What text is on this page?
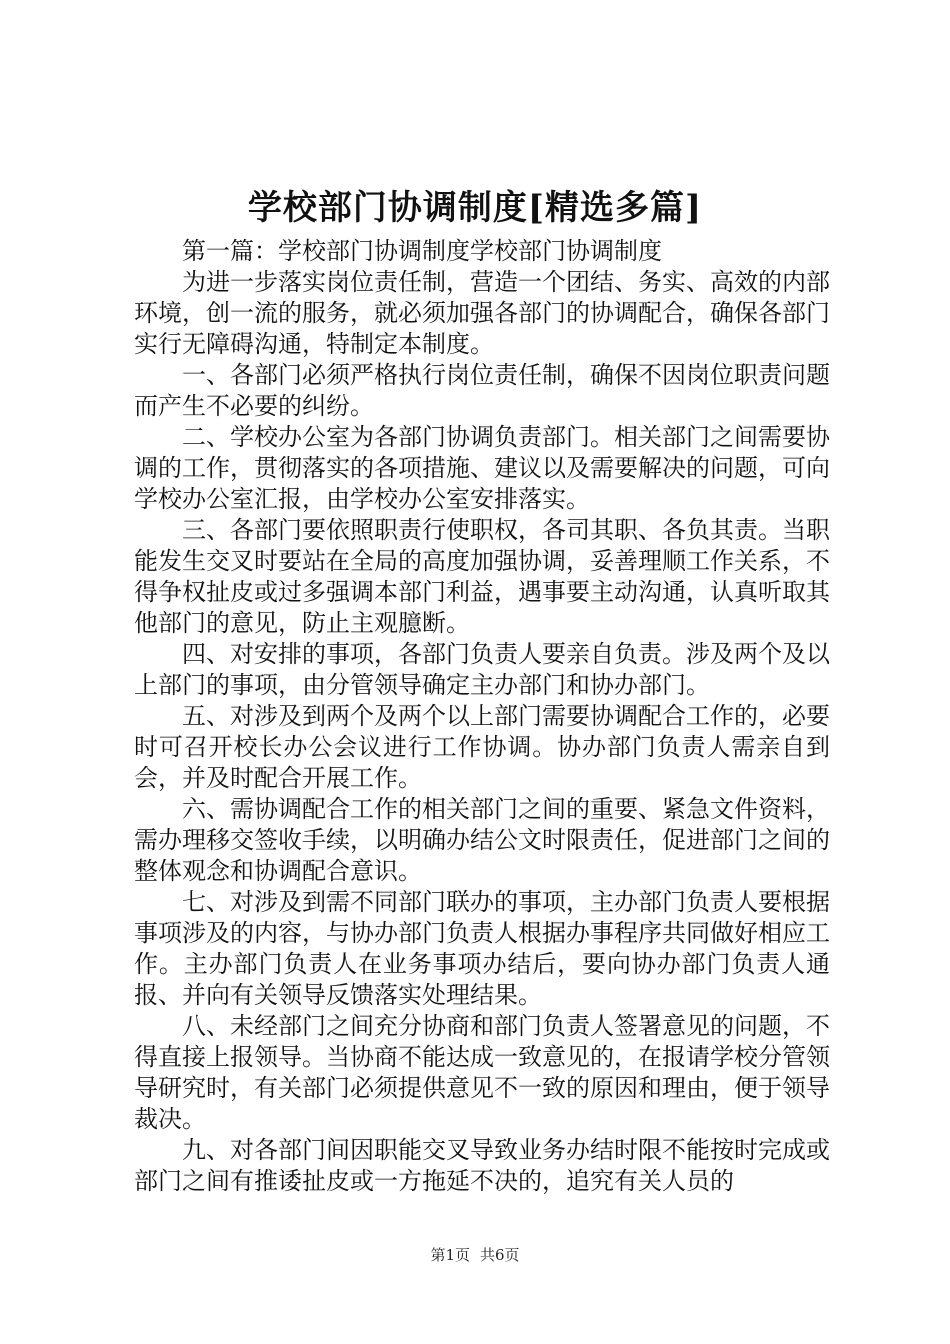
学校部门协调制度[精选多篇]

第一篇：学校部门协调制度学校部门协调制度

为进一步落实岗位责任制，营造一个团结、务实、高效的内部环境，创一流的服务，就必须加强各部门的协调配合，确保各部门实行无障碍沟通，特制定本制度。

一、各部门必须严格执行岗位责任制，确保不因岗位职责问题而产生不必要的纠纷。

二、学校办公室为各部门协调负责部门。相关部门之间需要协调的工作，贯彻落实的各项措施、建议以及需要解决的问题，可向学校办公室汇报，由学校办公室安排落实。

三、各部门要依照职责行使职权，各司其职、各负其责。当职能发生交叉时要站在全局的高度加强协调，妥善理顺工作关系，不得争权扯皮或过多强调本部门利益，遇事要主动沟通，认真听取其他部门的意见，防止主观臆断。

四、对安排的事项，各部门负责人要亲自负责。涉及两个及以上部门的事项，由分管领导确定主办部门和协办部门。

五、对涉及到两个及两个以上部门需要协调配合工作的，必要时可召开校长办公会议进行工作协调。协办部门负责人需亲自到会，并及时配合开展工作。

六、需协调配合工作的相关部门之间的重要、紧急文件资料，需办理移交签收手续，以明确办结公文时限责任，促进部门之间的整体观念和协调配合意识。

七、对涉及到需不同部门联办的事项，主办部门负责人要根据事项涉及的内容，与协办部门负责人根据办事程序共同做好相应工作。主办部门负责人在业务事项办结后，要向协办部门负责人通报、并向有关领导反馈落实处理结果。

八、未经部门之间充分协商和部门负责人签署意见的问题，不得直接上报领导。当协商不能达成一致意见的，在报请学校分管领导研究时，有关部门必须提供意见不一致的原因和理由，便于领导裁决。

九、对各部门间因职能交叉导致业务办结时限不能按时完成或部门之间有推诿扯皮或一方拖延不决的，追究有关人员的

第1页 共6页
